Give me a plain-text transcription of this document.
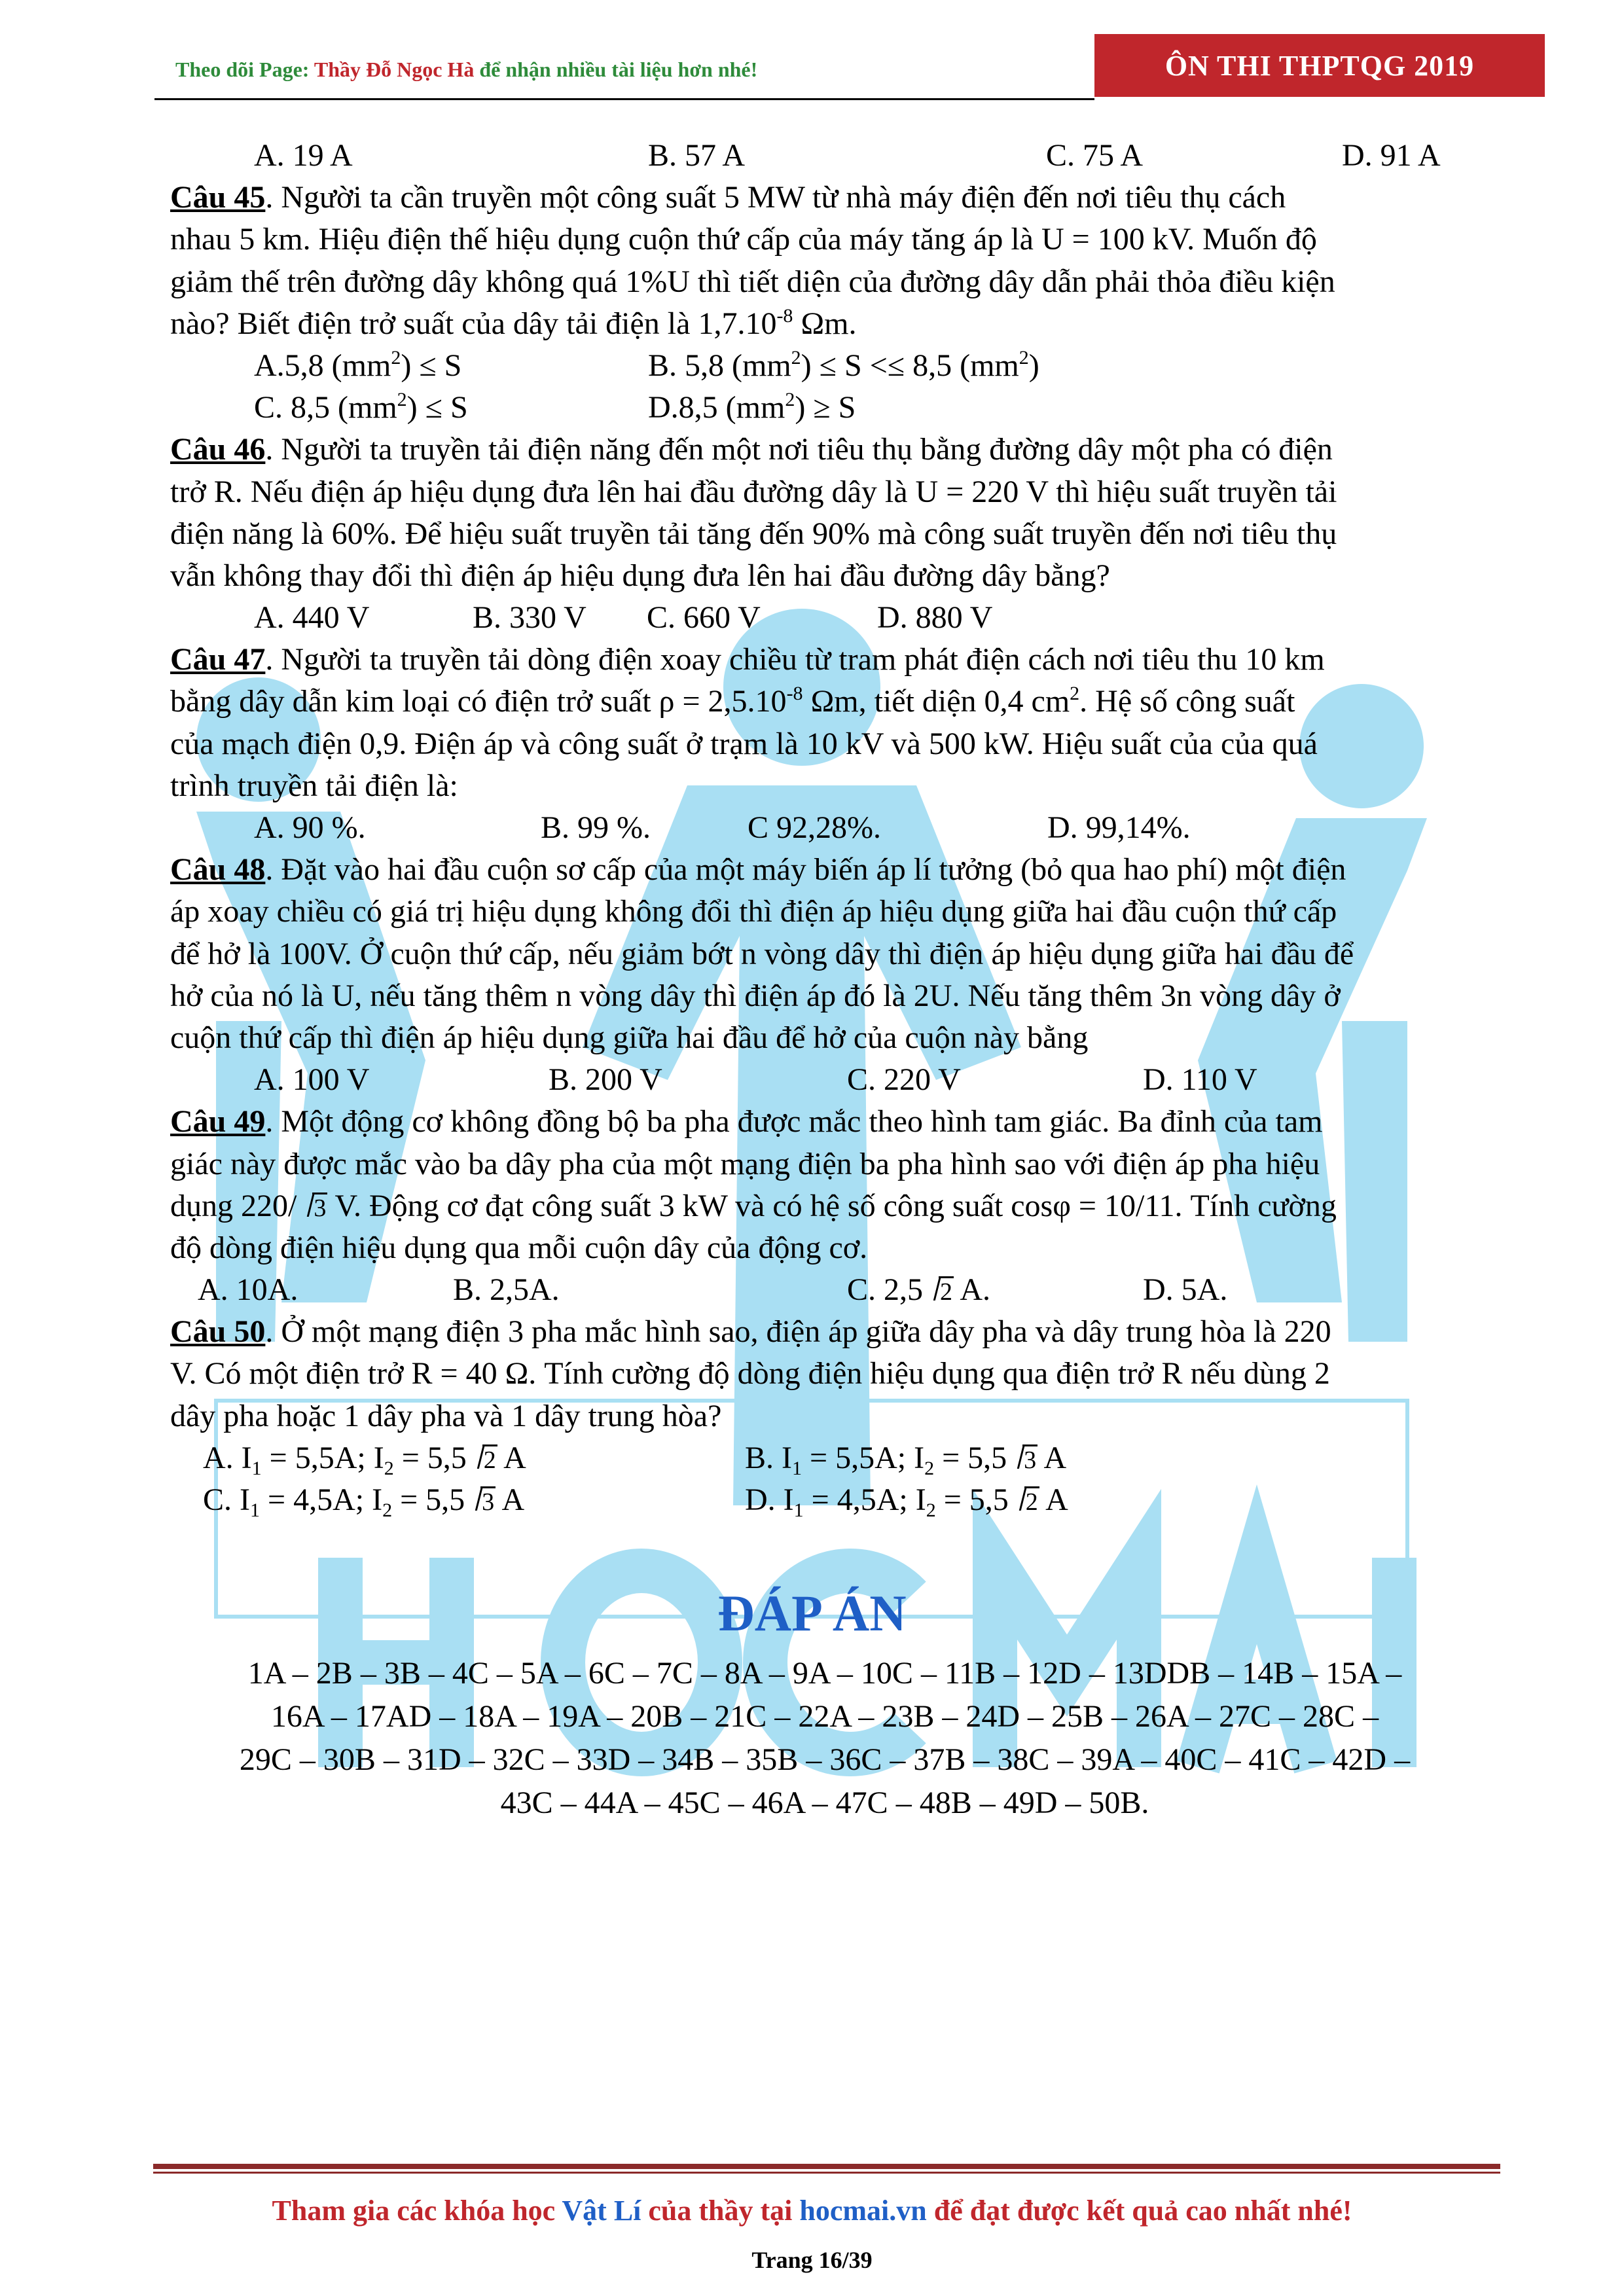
Theo dõi Page: Thầy Đỗ Ngọc Hà để nhận nhiều tài liệu hơn nhé!	ÔN THI THPTQG 2019
A. 19 A	B. 57 A	C. 75 A	D. 91 A
Câu 45. Người ta cần truyền một công suất 5 MW từ nhà máy điện đến nơi tiêu thụ cách
nhau 5 km. Hiệu điện thế hiệu dụng cuộn thứ cấp của máy tăng áp là U = 100 kV. Muốn độ
giảm thế trên đường dây không quá 1%U thì tiết diện của đường dây dẫn phải thỏa điều kiện
nào? Biết điện trở suất của dây tải điện là $1,7.10^{-8}$ Ωm.
A.5,8 $(mm^2) \le S$	B. 5,8 $(mm^2) \le S <\le 8,5$ $(mm^2)$
C. 8,5 $(mm^2) \le S$	D.8,5 $(mm^2) \ge S$
Câu 46. Người ta truyền tải điện năng đến một nơi tiêu thụ bằng đường dây một pha có điện
trở R. Nếu điện áp hiệu dụng đưa lên hai đầu đường dây là U = 220 V thì hiệu suất truyền tải
điện năng là 60%. Để hiệu suất truyền tải tăng đến 90% mà công suất truyền đến nơi tiêu thụ
vẫn không thay đổi thì điện áp hiệu dụng đưa lên hai đầu đường dây bằng?
A. 440 V	B. 330 V C. 660 V	D. 880 V
Câu 47. Người ta truyền tải dòng điện xoay chiều từ tram phát điện cách nơi tiêu thu 10 km
bằng dây dẫn kim loại có điện trở suất $\rho = 2,5.10^{-8}$ Ωm, tiết diện 0,4 $cm^2$. Hệ số công suất
của mạch điện 0,9. Điện áp và công suất ở trạm là 10 kV và 500 kW. Hiệu suất của của quá
trình truyền tải điện là:
A. 90 %.	B. 99 %.	C 92,28%.	D. 99,14%.
Câu 48. Đặt vào hai đầu cuộn sơ cấp của một máy biến áp lí tưởng (bỏ qua hao phí) một điện
áp xoay chiều có giá trị hiệu dụng không đổi thì điện áp hiệu dụng giữa hai đầu cuộn thứ cấp
để hở là 100V. Ở cuộn thứ cấp, nếu giảm bớt n vòng dây thì điện áp hiệu dụng giữa hai đầu để
hở của nó là U, nếu tăng thêm n vòng dây thì điện áp đó là 2U. Nếu tăng thêm 3n vòng dây ở
cuộn thứ cấp thì điện áp hiệu dụng giữa hai đầu để hở của cuộn này bằng
A. 100 V	B. 200 V	C. 220 V	D. 110 V
Câu 49. Một động cơ không đồng bộ ba pha được mắc theo hình tam giác. Ba đỉnh của tam
giác này được mắc vào ba dây pha của một mạng điện ba pha hình sao với điện áp pha hiệu
dụng 220/ 3 V. Động cơ đạt công suất 3 kW và có hệ số công suất cosφ = 10/11. Tính cường
độ dòng điện hiệu dụng qua mỗi cuộn dây của động cơ.
A. 10A.	B. 2,5A.	C. 2,5 2 A.	D. 5A.
Câu 50. Ở một mạng điện 3 pha mắc hình sao, điện áp giữa dây pha và dây trung hòa là 220
V. Có một điện trở R = 40 Ω. Tính cường độ dòng điện hiệu dụng qua điện trở R nếu dùng 2
dây pha hoặc 1 dây pha và 1 dây trung hòa?
A. $I_1 = 5,5A$; $I_2 = 5,5$ 2 A	B. $I_1 = 5,5A$; $I_2 = 5,5$ 3 A
C. $I_1 = 4,5A$; $I_2 = 5,5$ 3 A	D. $I_1 = 4,5A$; $I_2 = 5,5$ 2 A
ĐÁP ÁN
1A – 2B – 3B – 4C – 5A – 6C – 7C – 8A – 9A – 10C – 11B – 12D – 13DDB – 14B – 15A –
16A – 17AD – 18A – 19A – 20B – 21C – 22A – 23B – 24D – 25B – 26A – 27C – 28C –
29C – 30B – 31D – 32C – 33D – 34B – 35B – 36C – 37B – 38C – 39A – 40C – 41C – 42D –
43C – 44A – 45C – 46A – 47C – 48B – 49D – 50B.
Tham gia các khóa học Vật Lí của thầy tại hocmai.vn để đạt được kết quả cao nhất nhé!
Trang 16/39
